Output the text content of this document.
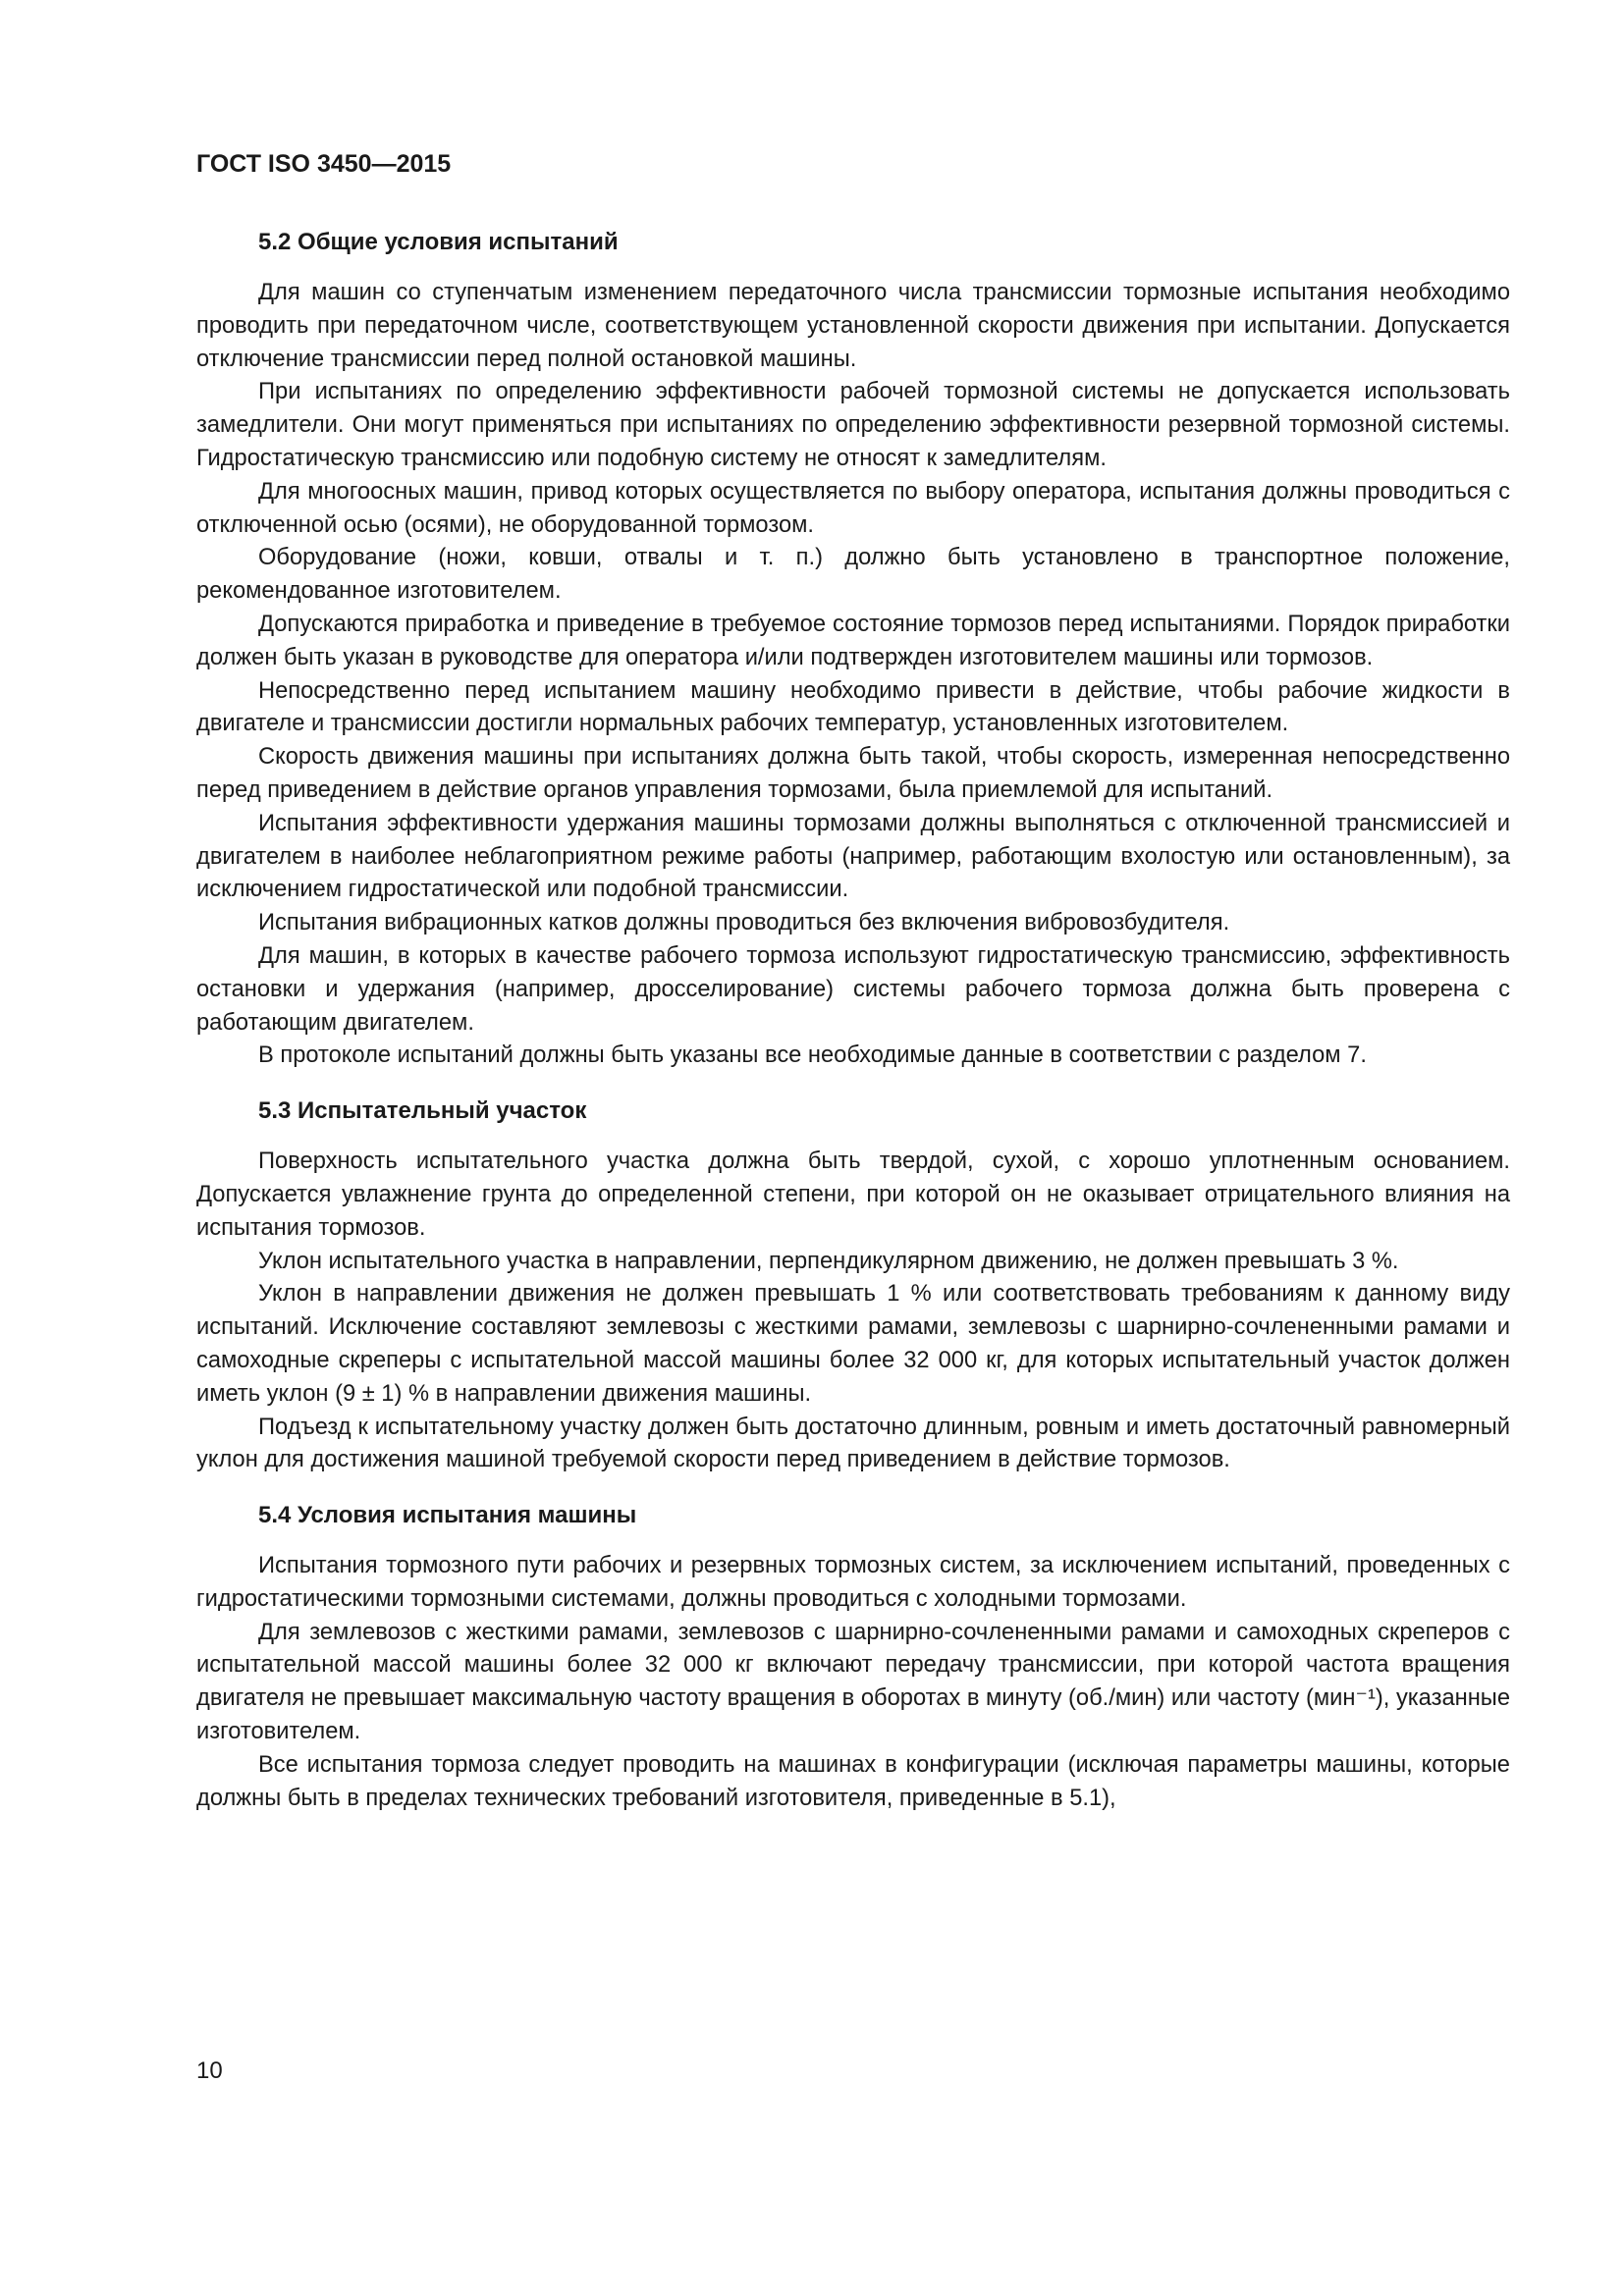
ГОСТ ISO 3450—2015
5.2 Общие условия испытаний

Для машин со ступенчатым изменением передаточного числа трансмиссии тормозные испытания необходимо проводить при передаточном числе, соответствующем установленной скорости движения при испытании. Допускается отключение трансмиссии перед полной остановкой машины.

При испытаниях по определению эффективности рабочей тормозной системы не допускается использовать замедлители. Они могут применяться при испытаниях по определению эффективности резервной тормозной системы. Гидростатическую трансмиссию или подобную систему не относят к замедлителям.

Для многоосных машин, привод которых осуществляется по выбору оператора, испытания должны проводиться с отключенной осью (осями), не оборудованной тормозом.

Оборудование (ножи, ковши, отвалы и т. п.) должно быть установлено в транспортное положение, рекомендованное изготовителем.

Допускаются приработка и приведение в требуемое состояние тормозов перед испытаниями. Порядок приработки должен быть указан в руководстве для оператора и/или подтвержден изготовителем машины или тормозов.

Непосредственно перед испытанием машину необходимо привести в действие, чтобы рабочие жидкости в двигателе и трансмиссии достигли нормальных рабочих температур, установленных изготовителем.

Скорость движения машины при испытаниях должна быть такой, чтобы скорость, измеренная непосредственно перед приведением в действие органов управления тормозами, была приемлемой для испытаний.

Испытания эффективности удержания машины тормозами должны выполняться с отключенной трансмиссией и двигателем в наиболее неблагоприятном режиме работы (например, работающим вхолостую или остановленным), за исключением гидростатической или подобной трансмиссии.

Испытания вибрационных катков должны проводиться без включения вибровозбудителя.

Для машин, в которых в качестве рабочего тормоза используют гидростатическую трансмиссию, эффективность остановки и удержания (например, дросселирование) системы рабочего тормоза должна быть проверена с работающим двигателем.

В протоколе испытаний должны быть указаны все необходимые данные в соответствии с разделом 7.

5.3 Испытательный участок

Поверхность испытательного участка должна быть твердой, сухой, с хорошо уплотненным основанием. Допускается увлажнение грунта до определенной степени, при которой он не оказывает отрицательного влияния на испытания тормозов.

Уклон испытательного участка в направлении, перпендикулярном движению, не должен превышать 3 %.

Уклон в направлении движения не должен превышать 1 % или соответствовать требованиям к данному виду испытаний. Исключение составляют землевозы с жесткими рамами, землевозы с шарнирно-сочлененными рамами и самоходные скреперы с испытательной массой машины более 32 000 кг, для которых испытательный участок должен иметь уклон (9 ± 1) % в направлении движения машины.

Подъезд к испытательному участку должен быть достаточно длинным, ровным и иметь достаточный равномерный уклон для достижения машиной требуемой скорости перед приведением в действие тормозов.

5.4 Условия испытания машины

Испытания тормозного пути рабочих и резервных тормозных систем, за исключением испытаний, проведенных с гидростатическими тормозными системами, должны проводиться с холодными тормозами.

Для землевозов с жесткими рамами, землевозов с шарнирно-сочлененными рамами и самоходных скреперов с испытательной массой машины более 32 000 кг включают передачу трансмиссии, при которой частота вращения двигателя не превышает максимальную частоту вращения в оборотах в минуту (об./мин) или частоту (мин⁻¹), указанные изготовителем.

Все испытания тормоза следует проводить на машинах в конфигурации (исключая параметры машины, которые должны быть в пределах технических требований изготовителя, приведенные в 5.1),

10
